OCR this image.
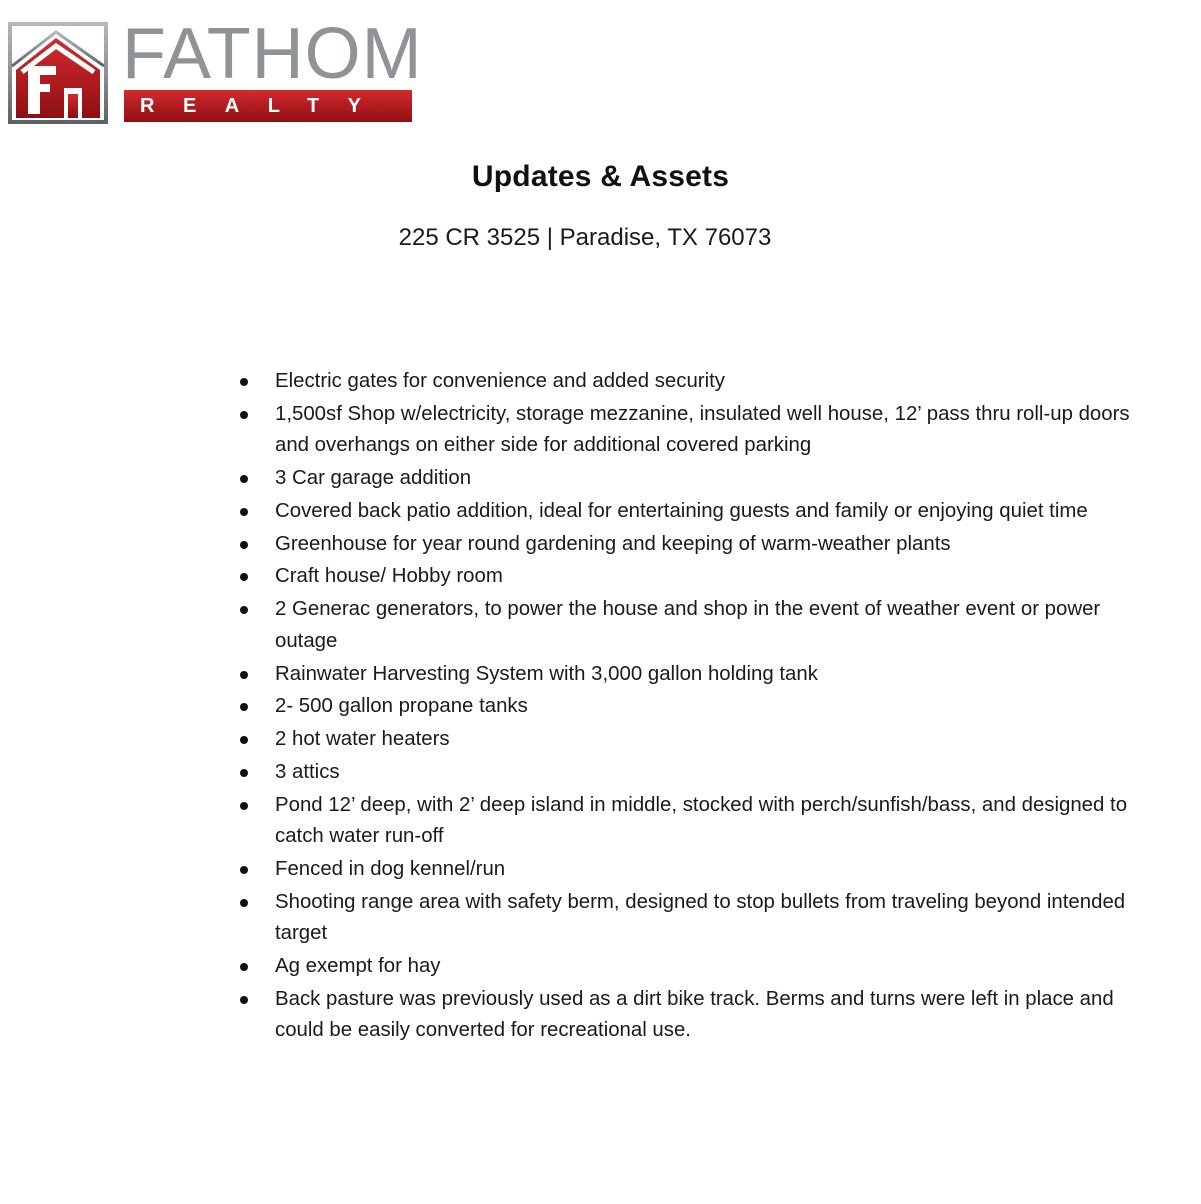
FATHOM
REALTY
Updates & Assets
225 CR 3525 | Paradise, TX 76073
Electric gates for convenience and added security
1,500sf Shop w/electricity, storage mezzanine, insulated well house, 12’ pass thru roll-up doors and overhangs on either side for additional covered parking
3 Car garage addition
Covered back patio addition, ideal for entertaining guests and family or enjoying quiet time
Greenhouse for year round gardening and keeping of warm-weather plants
Craft house/ Hobby room
2 Generac generators, to power the house and shop in the event of weather event or power outage
Rainwater Harvesting System with 3,000 gallon holding tank
2- 500 gallon propane tanks
2 hot water heaters
3 attics
Pond 12’ deep, with 2’ deep island in middle, stocked with perch/sunfish/bass, and designed to catch water run-off
Fenced in dog kennel/run
Shooting range area with safety berm, designed to stop bullets from traveling beyond intended target
Ag exempt for hay
Back pasture was previously used as a dirt bike track. Berms and turns were left in place and could be easily converted for recreational use.
